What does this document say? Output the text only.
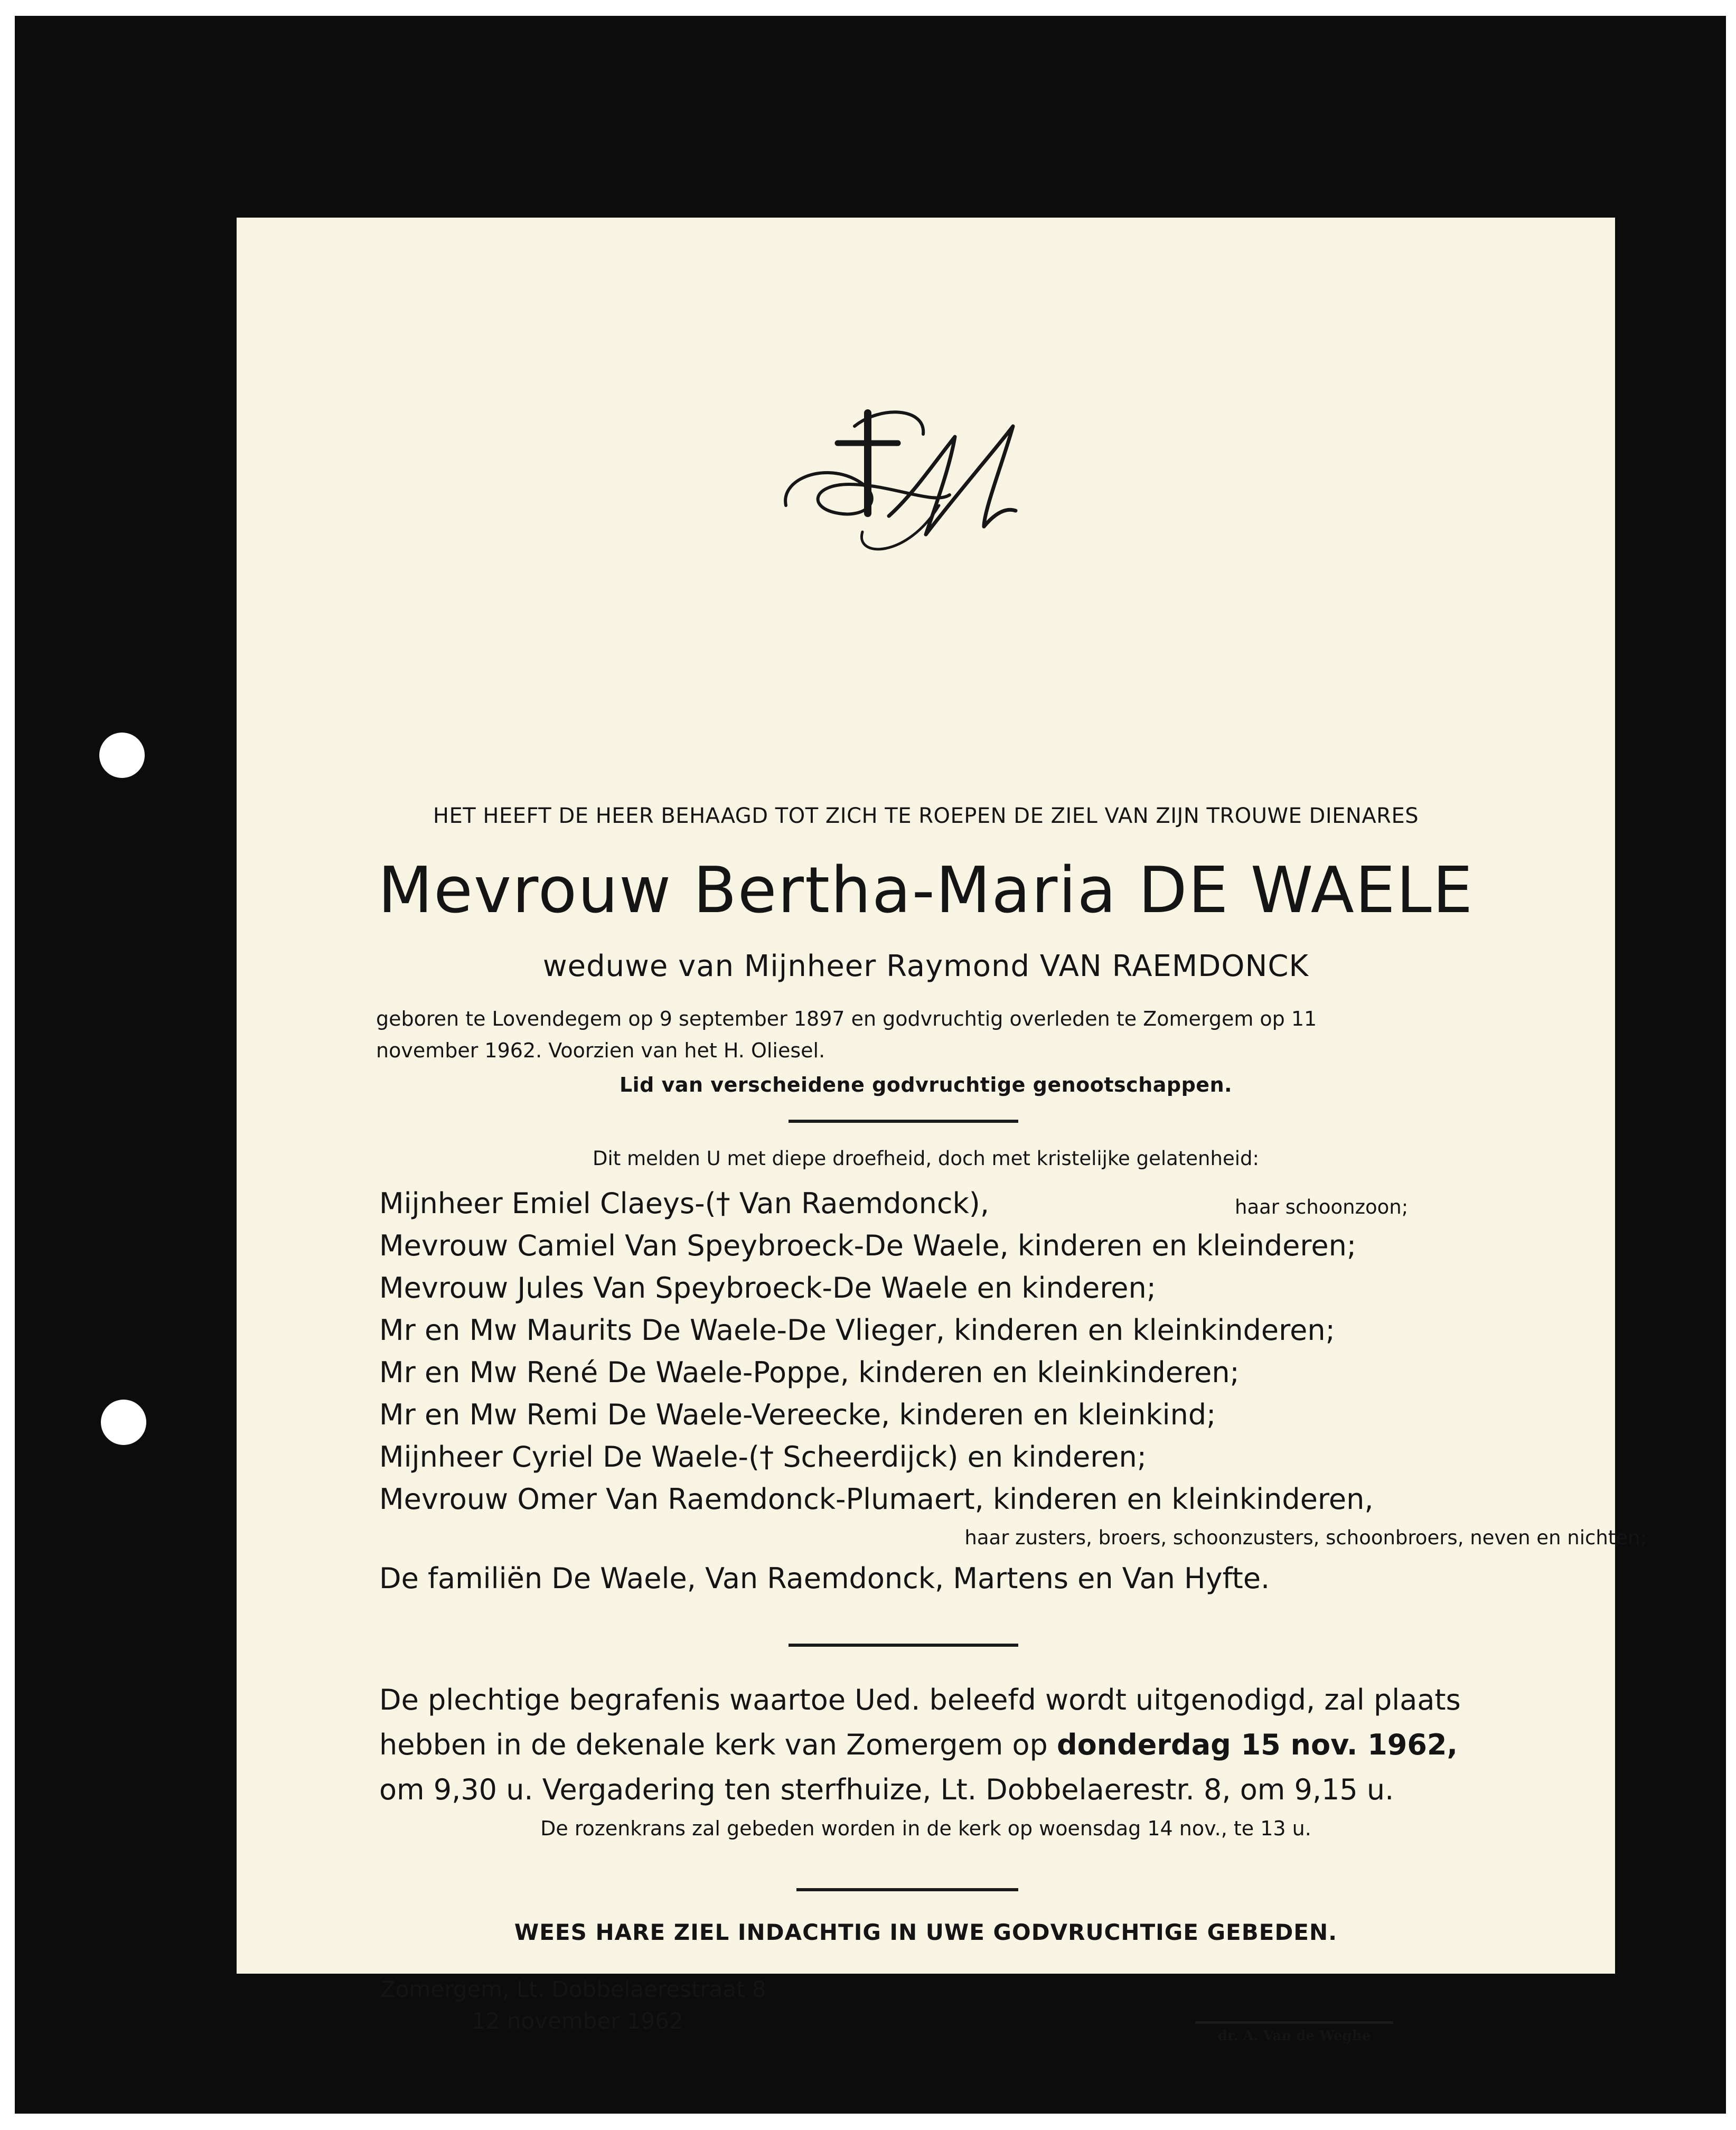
HET HEEFT DE HEER BEHAAGD TOT ZICH TE ROEPEN DE ZIEL VAN ZIJN TROUWE DIENARES
Mevrouw Bertha-Maria DE WAELE
weduwe van Mijnheer Raymond VAN RAEMDONCK
geboren te Lovendegem op 9 september 1897 en godvruchtig overleden te Zomergem op 11
november 1962. Voorzien van het H. Oliesel.
Lid van verscheidene godvruchtige genootschappen.
Dit melden U met diepe droefheid, doch met kristelijke gelatenheid:
Mijnheer Emiel Claeys-(† Van Raemdonck),	haar schoonzoon;
Mevrouw Camiel Van Speybroeck-De Waele, kinderen en kleinderen;
Mevrouw Jules Van Speybroeck-De Waele en kinderen;
Mr en Mw Maurits De Waele-De Vlieger, kinderen en kleinkinderen;
Mr en Mw René De Waele-Poppe, kinderen en kleinkinderen;
Mr en Mw Remi De Waele-Vereecke, kinderen en kleinkind;
Mijnheer Cyriel De Waele-(† Scheerdijck) en kinderen;
Mevrouw Omer Van Raemdonck-Plumaert, kinderen en kleinkinderen,
haar zusters, broers, schoonzusters, schoonbroers, neven en nichten;
De familiën De Waele, Van Raemdonck, Martens en Van Hyfte.
De plechtige begrafenis waartoe Ued. beleefd wordt uitgenodigd, zal plaats
hebben in de dekenale kerk van Zomergem op donderdag 15 nov. 1962,
om 9,30 u. Vergadering ten sterfhuize, Lt. Dobbelaerestr. 8, om 9,15 u.
De rozenkrans zal gebeden worden in de kerk op woensdag 14 nov., te 13 u.
WEES HARE ZIEL INDACHTIG IN UWE GODVRUCHTIGE GEBEDEN.
Zomergem, Lt. Dobbelaerestraat 8
12 november 1962
dr. A. Van de Weghe
